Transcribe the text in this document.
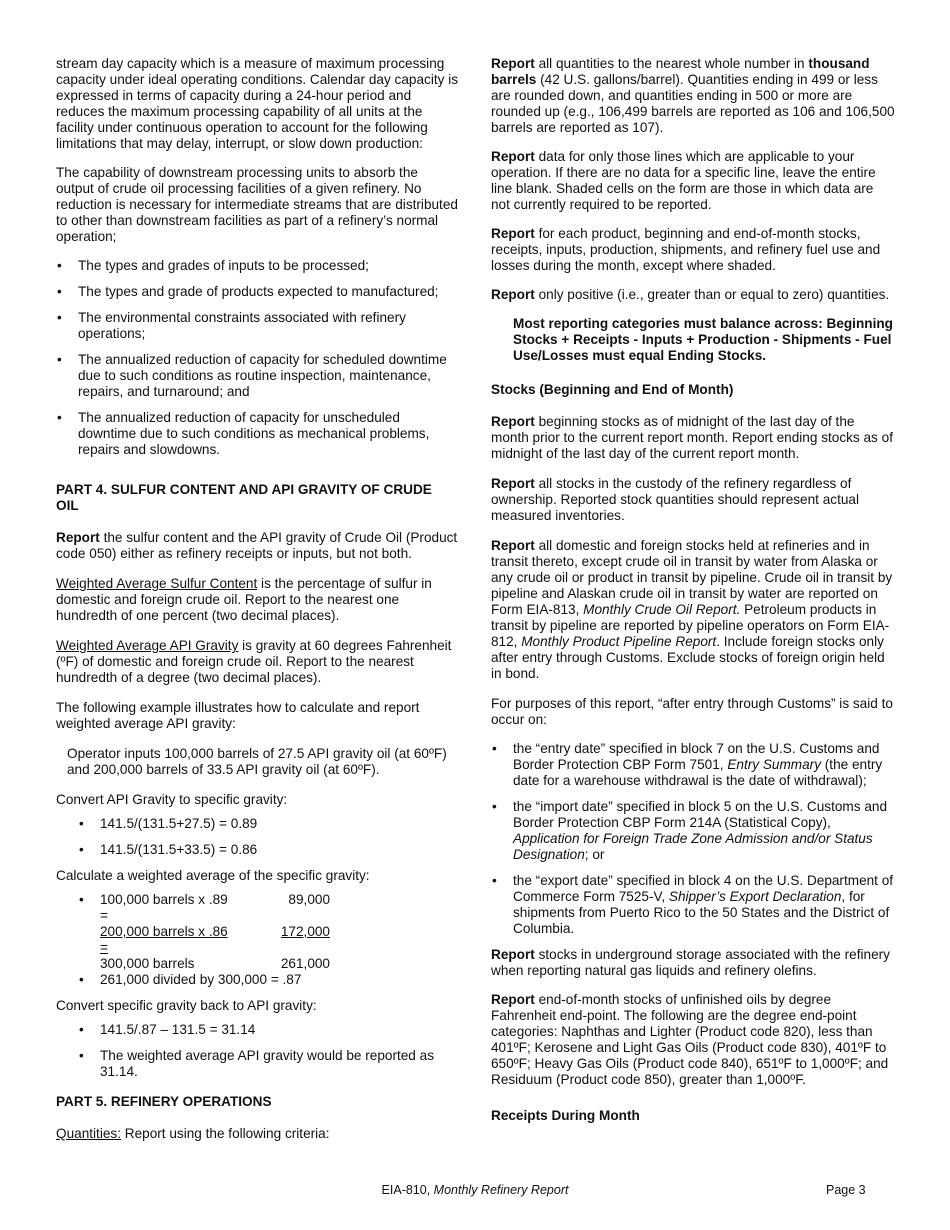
stream day capacity which is a measure of maximum processing capacity under ideal operating conditions. Calendar day capacity is expressed in terms of capacity during a 24-hour period and reduces the maximum processing capability of all units at the facility under continuous operation to account for the following limitations that may delay, interrupt, or slow down production:

The capability of downstream processing units to absorb the output of crude oil processing facilities of a given refinery. No reduction is necessary for intermediate streams that are distributed to other than downstream facilities as part of a refinery’s normal operation;

• The types and grades of inputs to be processed;
• The types and grade of products expected to manufactured;
• The environmental constraints associated with refinery operations;
• The annualized reduction of capacity for scheduled downtime due to such conditions as routine inspection, maintenance, repairs, and turnaround; and
• The annualized reduction of capacity for unscheduled downtime due to such conditions as mechanical problems, repairs and slowdowns.
PART 4. SULFUR CONTENT AND API GRAVITY OF CRUDE OIL

Report the sulfur content and the API gravity of Crude Oil (Product code 050) either as refinery receipts or inputs, but not both.

Weighted Average Sulfur Content is the percentage of sulfur in domestic and foreign crude oil. Report to the nearest one hundredth of one percent (two decimal places).

Weighted Average API Gravity is gravity at 60 degrees Fahrenheit (ºF) of domestic and foreign crude oil. Report to the nearest hundredth of a degree (two decimal places).

The following example illustrates how to calculate and report weighted average API gravity:

Operator inputs 100,000 barrels of 27.5 API gravity oil (at 60ºF) and 200,000 barrels of 33.5 API gravity oil (at 60ºF).

Convert API Gravity to specific gravity:

• 141.5/(131.5+27.5) = 0.89
• 141.5/(131.5+33.5) = 0.86

Calculate a weighted average of the specific gravity:

• 100,000 barrels x .89 =
89,000
200,000 barrels x .86 =
172,000
300,000 barrels	261,000
• 261,000 divided by 300,000 = .87

Convert specific gravity back to API gravity:

• 141.5/.87 – 131.5 = 31.14
• The weighted average API gravity would be reported as 31.14.
PART 5. REFINERY OPERATIONS

Quantities: Report using the following criteria:

Report all quantities to the nearest whole number in thousand barrels (42 U.S. gallons/barrel). Quantities ending in 499 or less are rounded down, and quantities ending in 500 or more are rounded up (e.g., 106,499 barrels are reported as 106 and 106,500 barrels are reported as 107).

Report data for only those lines which are applicable to your operation. If there are no data for a specific line, leave the entire line blank. Shaded cells on the form are those in which data are not currently required to be reported.

Report for each product, beginning and end-of-month stocks, receipts, inputs, production, shipments, and refinery fuel use and losses during the month, except where shaded.

Report only positive (i.e., greater than or equal to zero) quantities.

Most reporting categories must balance across: Beginning Stocks + Receipts - Inputs + Production - Shipments - Fuel Use/Losses must equal Ending Stocks.
Stocks (Beginning and End of Month)

Report beginning stocks as of midnight of the last day of the month prior to the current report month. Report ending stocks as of midnight of the last day of the current report month.

Report all stocks in the custody of the refinery regardless of ownership. Reported stock quantities should represent actual measured inventories.

Report all domestic and foreign stocks held at refineries and in transit thereto, except crude oil in transit by water from Alaska or any crude oil or product in transit by pipeline. Crude oil in transit by pipeline and Alaskan crude oil in transit by water are reported on Form EIA-813, Monthly Crude Oil Report. Petroleum products in transit by pipeline are reported by pipeline operators on Form EIA-812, Monthly Product Pipeline Report. Include foreign stocks only after entry through Customs. Exclude stocks of foreign origin held in bond.

For purposes of this report, “after entry through Customs” is said to occur on:

• the “entry date” specified in block 7 on the U.S. Customs and Border Protection CBP Form 7501, Entry Summary (the entry date for a warehouse withdrawal is the date of withdrawal);
• the “import date” specified in block 5 on the U.S. Customs and Border Protection CBP Form 214A (Statistical Copy), Application for Foreign Trade Zone Admission and/or Status Designation; or
• the “export date” specified in block 4 on the U.S. Department of Commerce Form 7525-V, Shipper’s Export Declaration, for shipments from Puerto Rico to the 50 States and the District of Columbia.

Report stocks in underground storage associated with the refinery when reporting natural gas liquids and refinery olefins.

Report end-of-month stocks of unfinished oils by degree Fahrenheit end-point. The following are the degree end-point categories: Naphthas and Lighter (Product code 820), less than 401ºF; Kerosene and Light Gas Oils (Product code 830), 401ºF to 650ºF; Heavy Gas Oils (Product code 840), 651ºF to 1,000ºF; and Residuum (Product code 850), greater than 1,000ºF.

Receipts During Month
EIA-810, Monthly Refinery Report	Page 3
